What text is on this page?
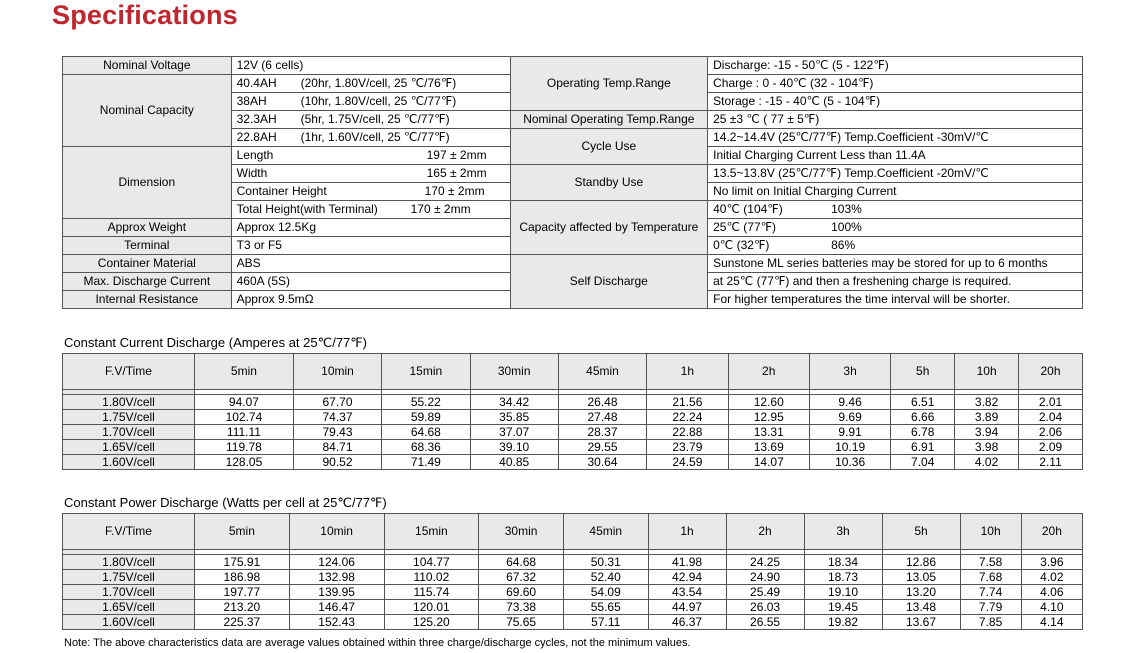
Specifications
Nominal Voltage	12V (6 cells)	Operating Temp.Range	Discharge: -15 - 50℃ (5 - 122℉)
Nominal Capacity	40.4AH (20hr, 1.80V/cell, 25 ℃/76℉)		Charge : 0 - 40℃ (32 - 104℉)
	38AH (10hr, 1.80V/cell, 25 ℃/77℉)		Storage : -15 - 40℃ (5 - 104℉)
	32.3AH (5hr, 1.75V/cell, 25 ℃/77℉)	Nominal Operating Temp.Range	25 ±3 ℃ ( 77 ± 5℉)
	22.8AH (1hr, 1.60V/cell, 25 ℃/77℉)	Cycle Use	14.2~14.4V (25℃/77℉) Temp.Coefficient -30mV/℃
Dimension	Length 197 ± 2mm		Initial Charging Current Less than 11.4A
	Width 165 ± 2mm	Standby Use	13.5~13.8V (25℃/77℉) Temp.Coefficient -20mV/℃
	Container Height 170 ± 2mm		No limit on Initial Charging Current
	Total Height(with Terminal) 170 ± 2mm	Capacity affected by Temperature	40℃ (104℉) 103%
Approx Weight	Approx 12.5Kg		25℃ (77℉) 100%
Terminal	T3 or F5		0℃ (32℉) 86%
Container Material	ABS	Self Discharge	Sunstone ML series batteries may be stored for up to 6 months
Max. Discharge Current	460A (5S)		at 25℃ (77℉) and then a freshening charge is required.
Internal Resistance	Approx 9.5mΩ		For higher temperatures the time interval will be shorter.
Constant Current Discharge (Amperes at 25℃/77℉)
F.V/Time	5min	10min	15min	30min	45min	1h	2h	3h	5h	10h	20h

1.80V/cell	94.07	67.70	55.22	34.42	26.48	21.56	12.60	9.46	6.51	3.82	2.01
1.75V/cell	102.74	74.37	59.89	35.85	27.48	22.24	12.95	9.69	6.66	3.89	2.04
1.70V/cell	111.11	79.43	64.68	37.07	28.37	22.88	13.31	9.91	6.78	3.94	2.06
1.65V/cell	119.78	84.71	68.36	39.10	29.55	23.79	13.69	10.19	6.91	3.98	2.09
1.60V/cell	128.05	90.52	71.49	40.85	30.64	24.59	14.07	10.36	7.04	4.02	2.11
Constant Power Discharge (Watts per cell at 25℃/77℉)
F.V/Time	5min	10min	15min	30min	45min	1h	2h	3h	5h	10h	20h

1.80V/cell	175.91	124.06	104.77	64.68	50.31	41.98	24.25	18.34	12.86	7.58	3.96
1.75V/cell	186.98	132.98	110.02	67.32	52.40	42.94	24.90	18.73	13.05	7.68	4.02
1.70V/cell	197.77	139.95	115.74	69.60	54.09	43.54	25.49	19.10	13.20	7.74	4.06
1.65V/cell	213.20	146.47	120.01	73.38	55.65	44.97	26.03	19.45	13.48	7.79	4.10
1.60V/cell	225.37	152.43	125.20	75.65	57.11	46.37	26.55	19.82	13.67	7.85	4.14
Note: The above characteristics data are average values obtained within three charge/discharge cycles, not the minimum values.
